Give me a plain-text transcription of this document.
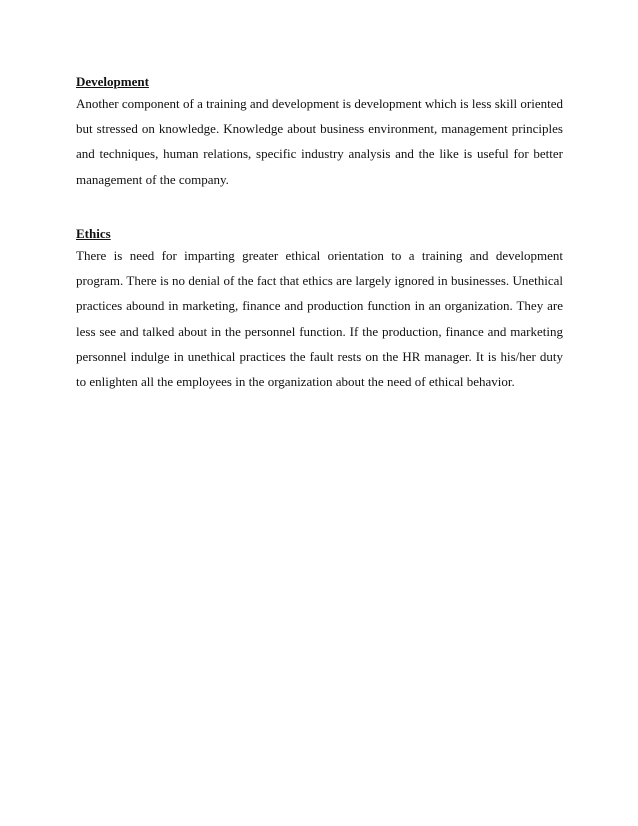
Development

Another component of a training and development is development which is less skill oriented but stressed on knowledge. Knowledge about business environment, management principles and techniques, human relations, specific industry analysis and the like is useful for better management of the company.

Ethics

There is need for imparting greater ethical orientation to a training and development program. There is no denial of the fact that ethics are largely ignored in businesses. Unethical practices abound in marketing, finance and production function in an organization. They are less see and talked about in the personnel function. If the production, finance and marketing personnel indulge in unethical practices the fault rests on the HR manager. It is his/her duty to enlighten all the employees in the organization about the need of ethical behavior.
